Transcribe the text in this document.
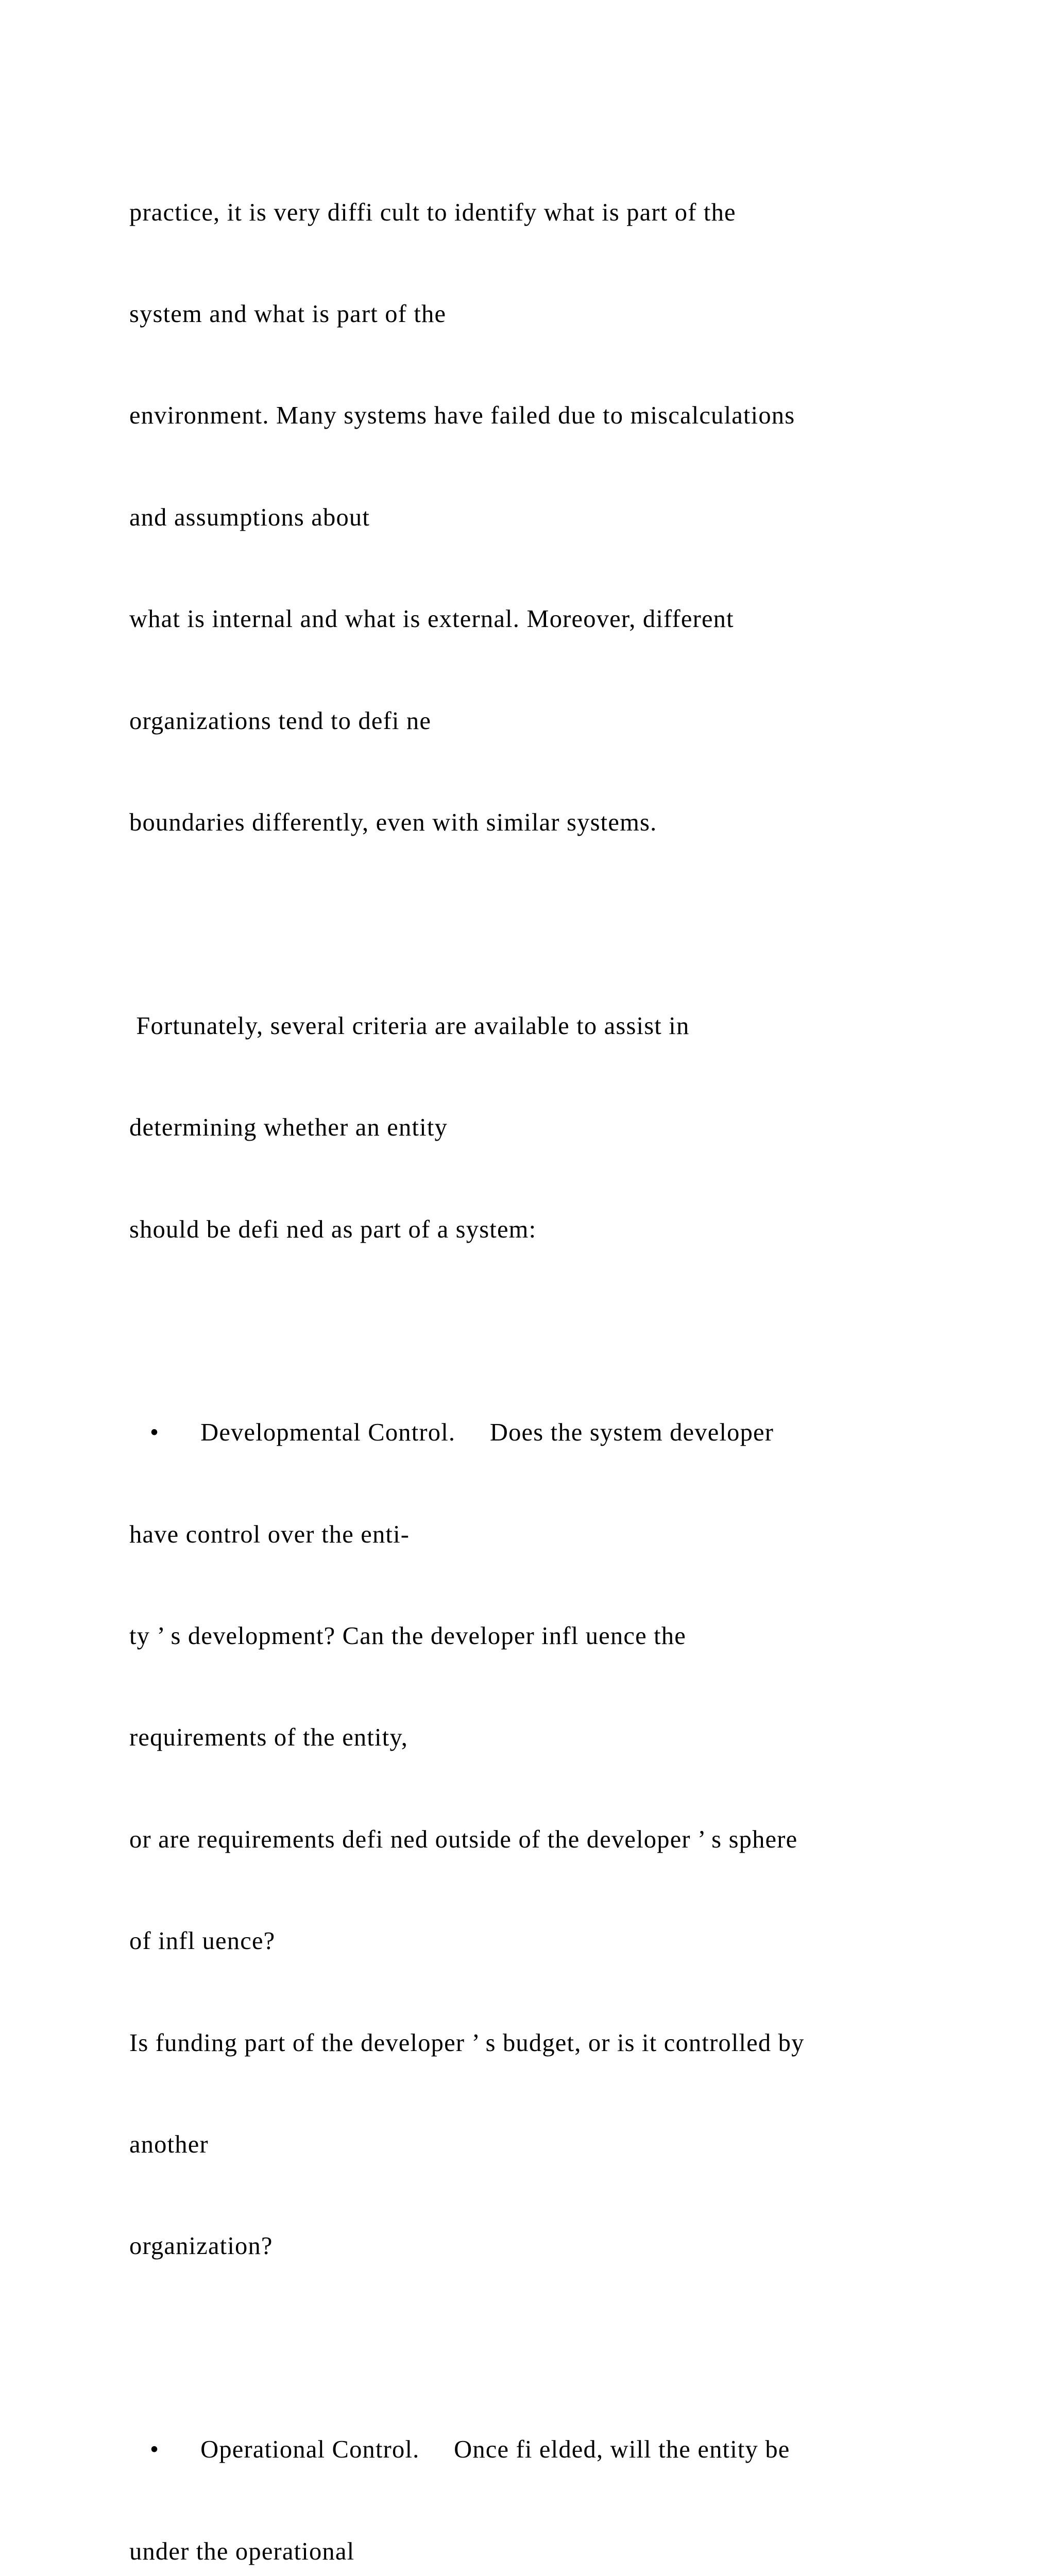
practice, it is very diffi cult to identify what is part of the

system and what is part of the

environment. Many systems have failed due to miscalculations

and assumptions about

what is internal and what is external. Moreover, different

organizations tend to defi ne

boundaries differently, even with similar systems.

Fortunately, several criteria are available to assist in

determining whether an entity

should be defi ned as part of a system:

•      Developmental Control.     Does the system developer

have control over the enti-

ty ’ s development? Can the developer infl uence the

requirements of the entity,

or are requirements defi ned outside of the developer ’ s sphere

of infl uence?

Is funding part of the developer ’ s budget, or is it controlled by

another

organization?

•      Operational Control.     Once fi elded, will the entity be

under the operational
